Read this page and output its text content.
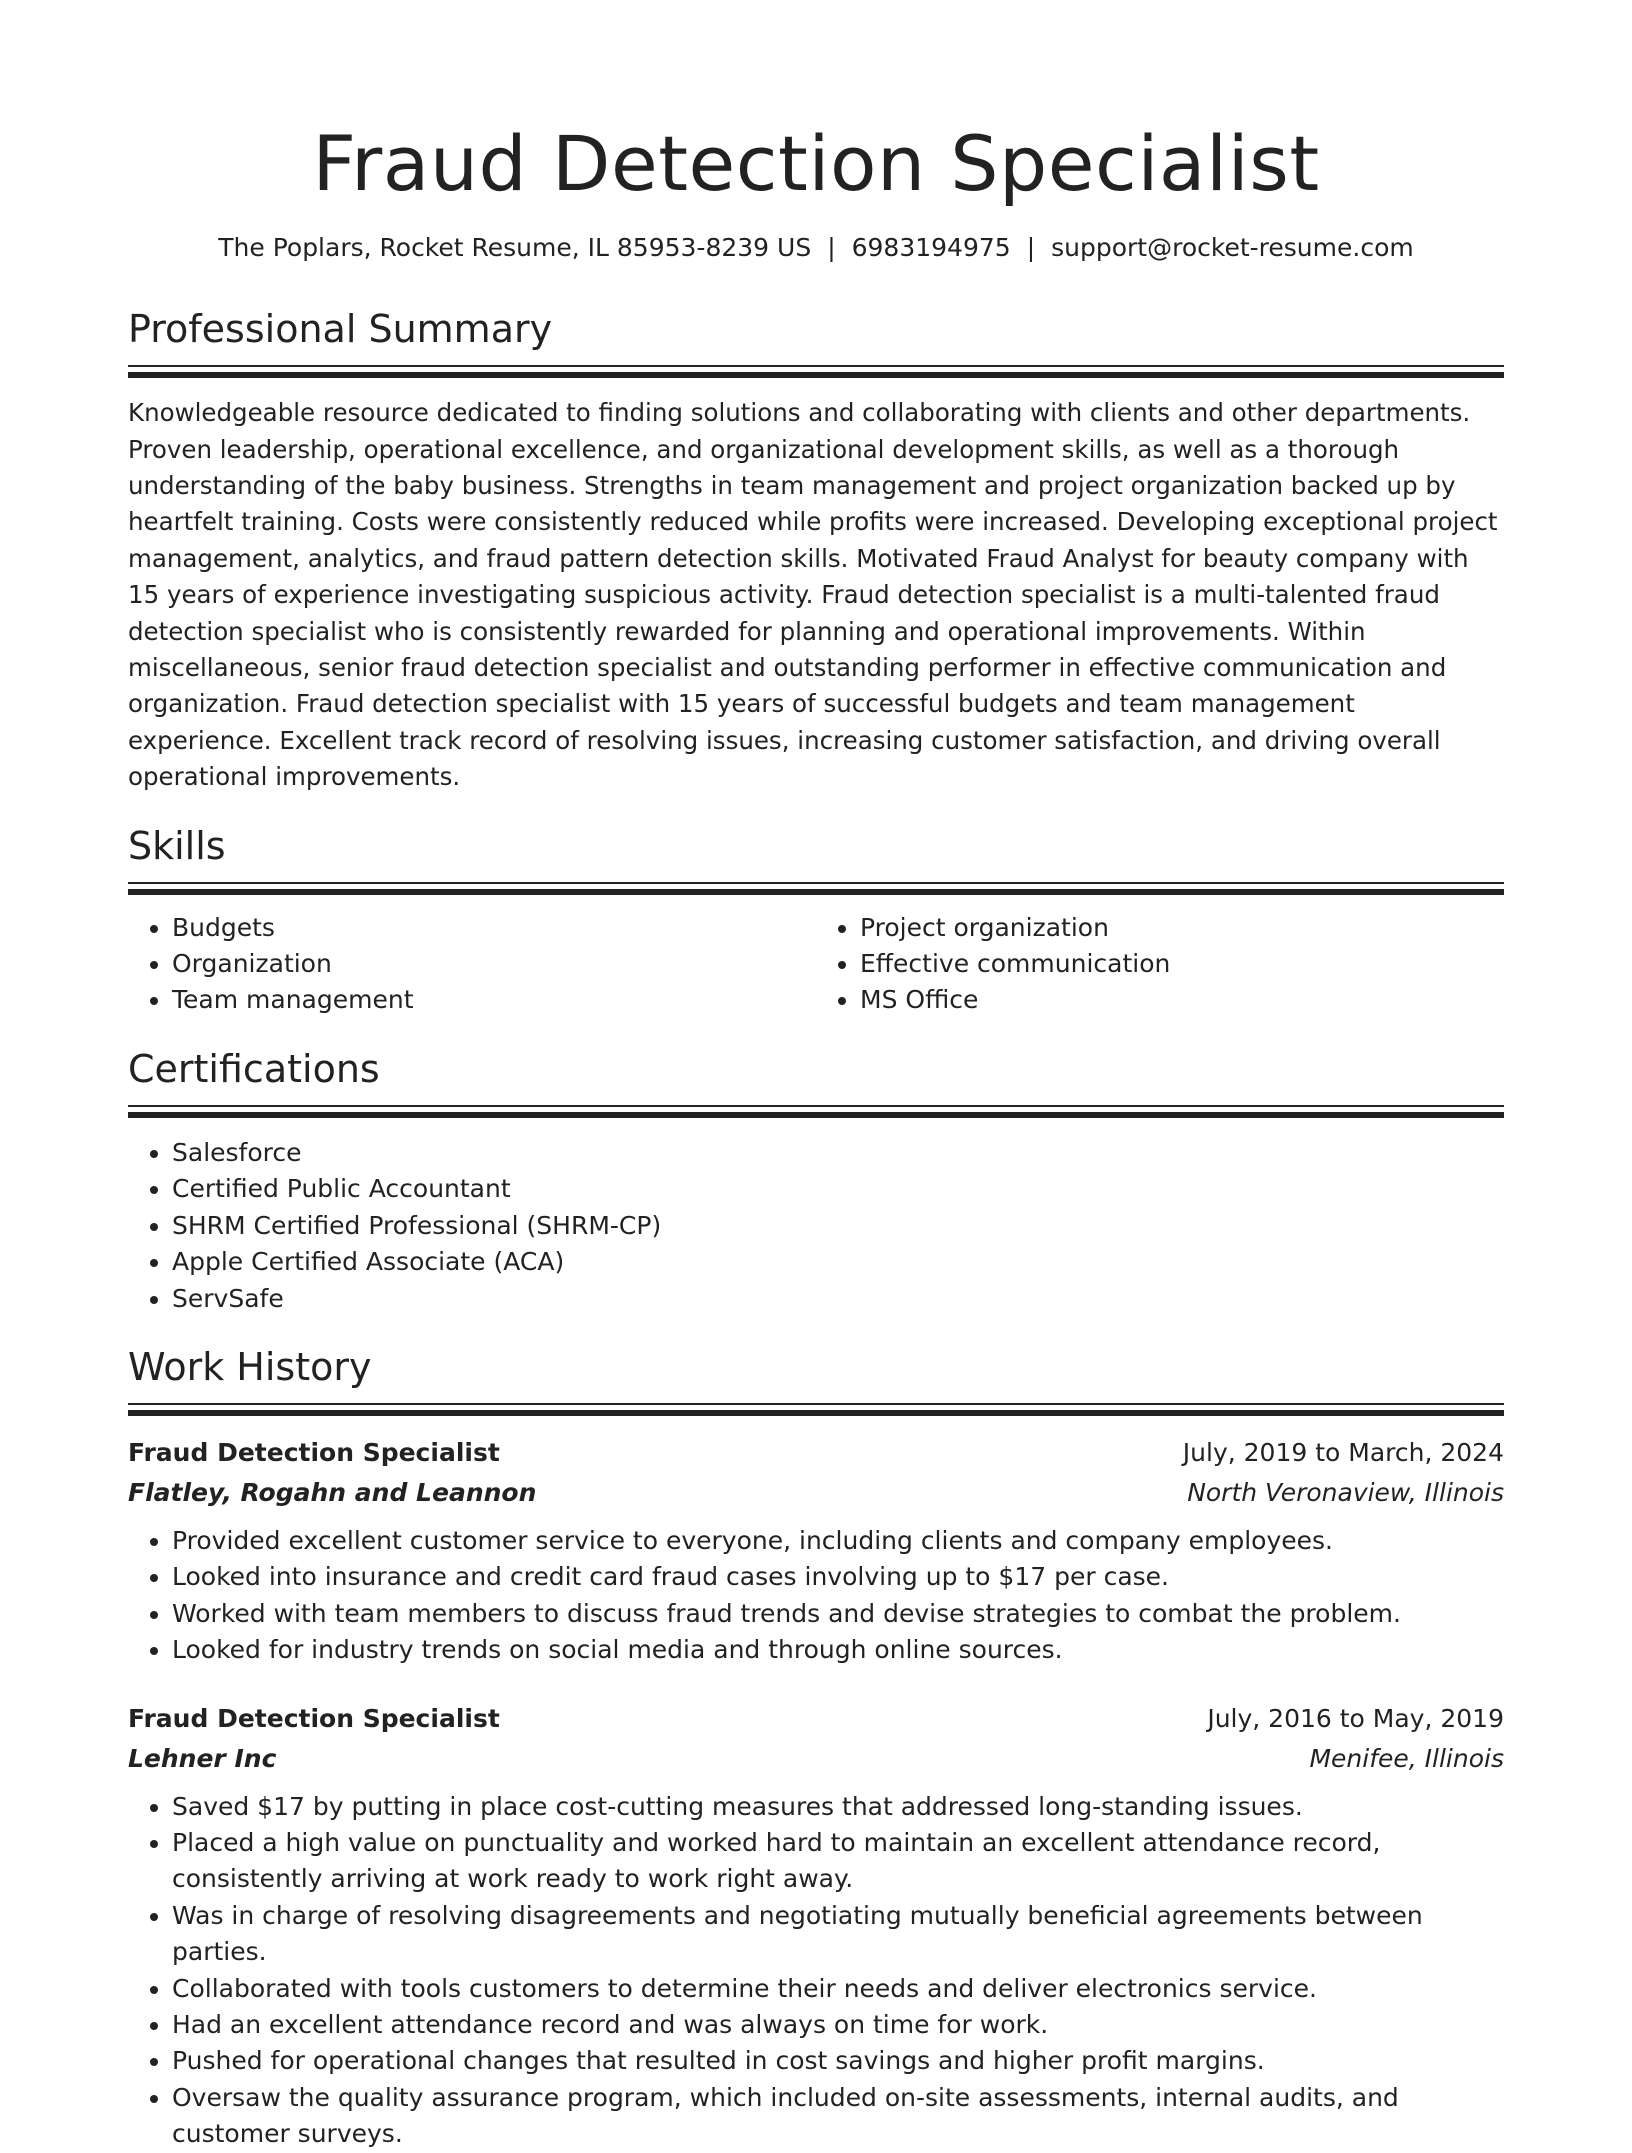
Fraud Detection Specialist
The Poplars, Rocket Resume, IL 85953-8239 US | 6983194975 | support@rocket-resume.com
Professional Summary
Knowledgeable resource dedicated to finding solutions and collaborating with clients and other departments. Proven leadership, operational excellence, and organizational development skills, as well as a thorough understanding of the baby business. Strengths in team management and project organization backed up by heartfelt training. Costs were consistently reduced while profits were increased. Developing exceptional project management, analytics, and fraud pattern detection skills. Motivated Fraud Analyst for beauty company with 15 years of experience investigating suspicious activity. Fraud detection specialist is a multi-talented fraud detection specialist who is consistently rewarded for planning and operational improvements. Within miscellaneous, senior fraud detection specialist and outstanding performer in effective communication and organization. Fraud detection specialist with 15 years of successful budgets and team management experience. Excellent track record of resolving issues, increasing customer satisfaction, and driving overall operational improvements.
Skills
• Budgets
• Organization
• Team management
• Project organization
• Effective communication
• MS Office
Certifications
• Salesforce
• Certified Public Accountant
• SHRM Certified Professional (SHRM-CP)
• Apple Certified Associate (ACA)
• ServSafe
Work History
Fraud Detection Specialist	July, 2019 to March, 2024
Flatley, Rogahn and Leannon	North Veronaview, Illinois
• Provided excellent customer service to everyone, including clients and company employees.
• Looked into insurance and credit card fraud cases involving up to $17 per case.
• Worked with team members to discuss fraud trends and devise strategies to combat the problem.
• Looked for industry trends on social media and through online sources.
Fraud Detection Specialist	July, 2016 to May, 2019
Lehner Inc	Menifee, Illinois
• Saved $17 by putting in place cost-cutting measures that addressed long-standing issues.
• Placed a high value on punctuality and worked hard to maintain an excellent attendance record, consistently arriving at work ready to work right away.
• Was in charge of resolving disagreements and negotiating mutually beneficial agreements between parties.
• Collaborated with tools customers to determine their needs and deliver electronics service.
• Had an excellent attendance record and was always on time for work.
• Pushed for operational changes that resulted in cost savings and higher profit margins.
• Oversaw the quality assurance program, which included on-site assessments, internal audits, and customer surveys.
